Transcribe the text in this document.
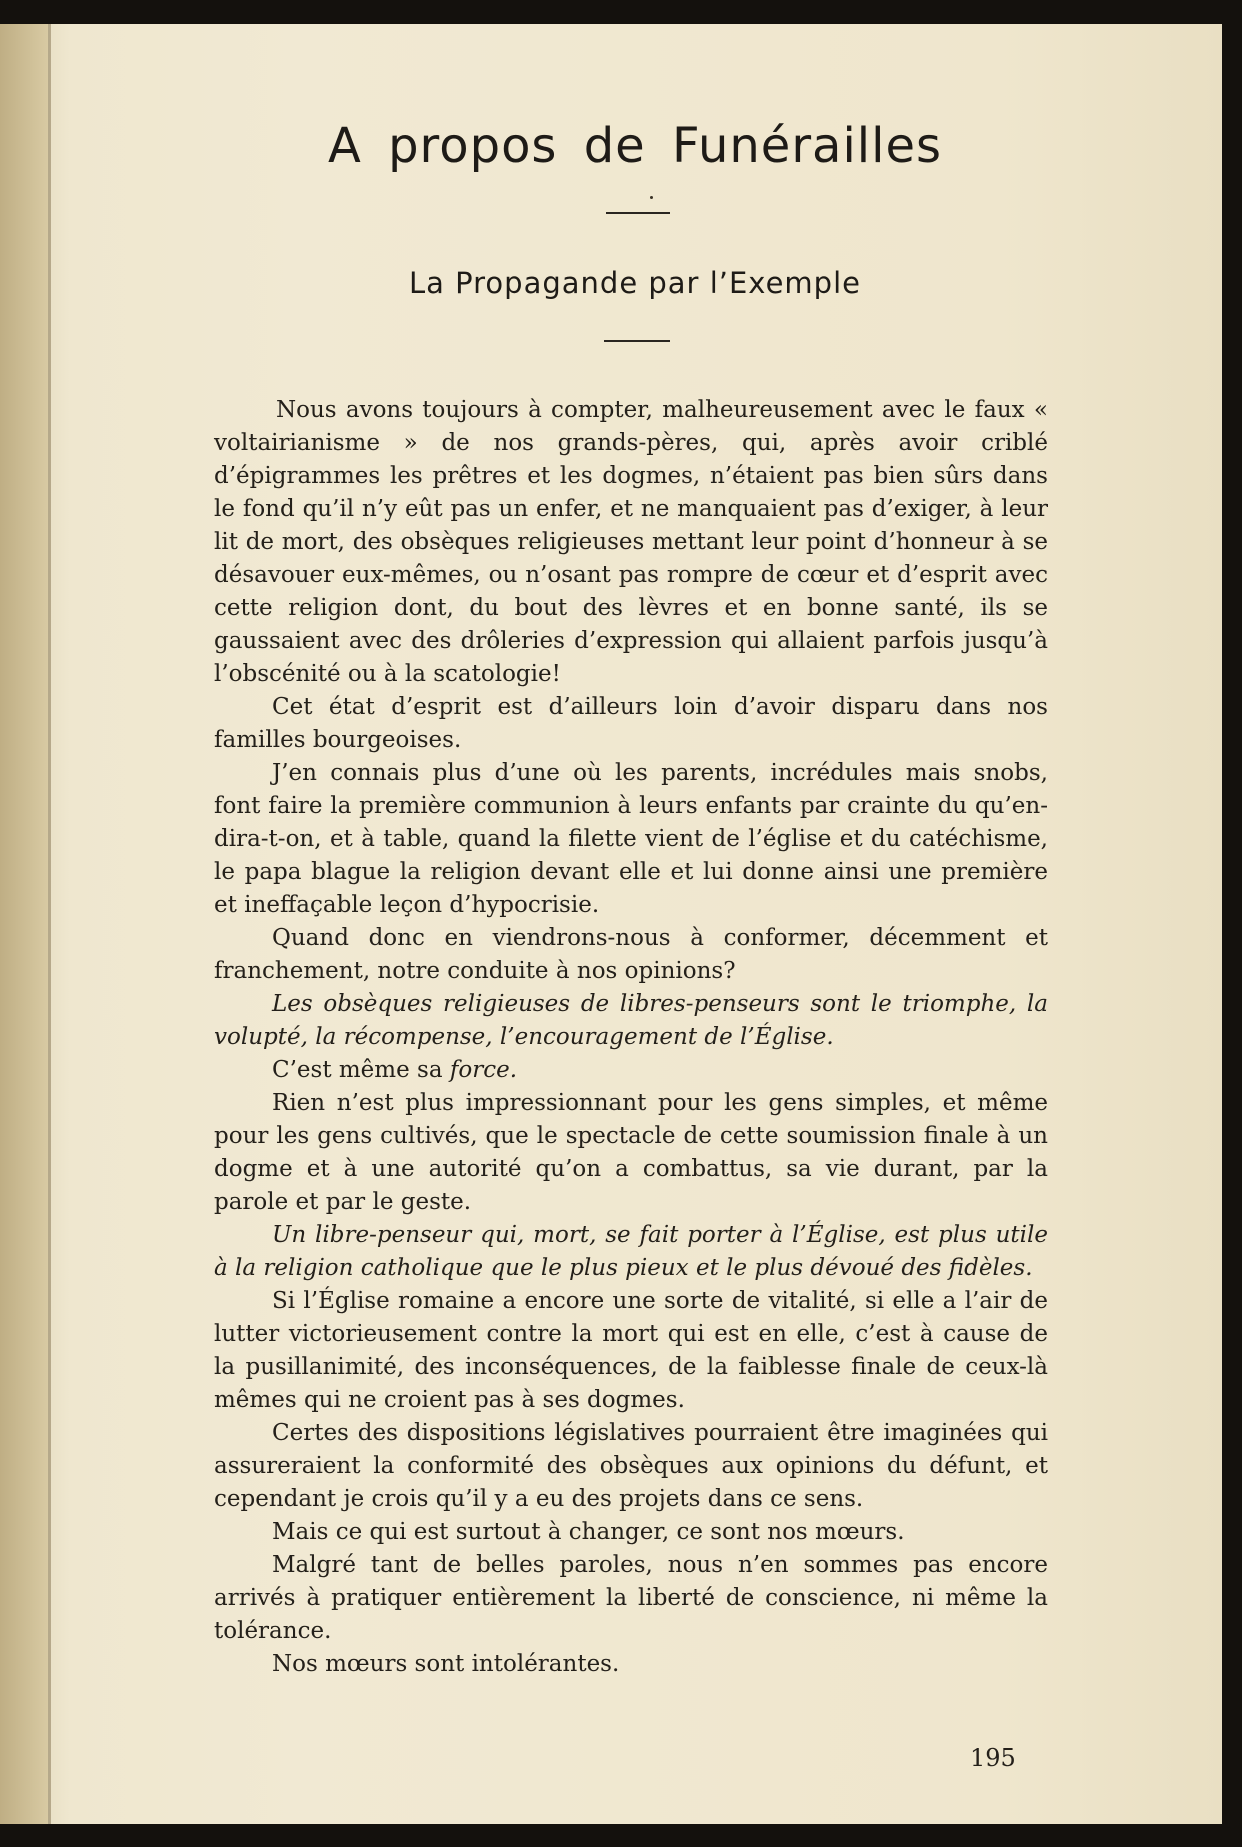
A propos de Funérailles
La Propagande par l’Exemple

Nous avons toujours à compter, malheureusement avec le faux « voltairianisme » de nos grands-pères, qui, après avoir criblé d’épigrammes les prêtres et les dogmes, n’étaient pas bien sûrs dans le fond qu’il n’y eût pas un enfer, et ne manquaient pas d’exiger, à leur lit de mort, des obsèques religieuses mettant leur point d’honneur à se désavouer eux-mêmes, ou n’osant pas rompre de cœur et d’esprit avec cette religion dont, du bout des lèvres et en bonne santé, ils se gaussaient avec des drôleries d’expression qui allaient parfois jusqu’à l’obscénité ou à la scatologie!

Cet état d’esprit est d’ailleurs loin d’avoir disparu dans nos familles bourgeoises.

J’en connais plus d’une où les parents, incrédules mais snobs, font faire la première communion à leurs enfants par crainte du qu’en-dira-t-on, et à table, quand la filette vient de l’église et du catéchisme, le papa blague la religion devant elle et lui donne ainsi une première et ineffaçable leçon d’hypocrisie.

Quand donc en viendrons-nous à conformer, décemment et franchement, notre conduite à nos opinions?

Les obsèques religieuses de libres-penseurs sont le triomphe, la volupté, la récompense, l’encouragement de l’Église.

C’est même sa force.

Rien n’est plus impressionnant pour les gens simples, et même pour les gens cultivés, que le spectacle de cette soumission finale à un dogme et à une autorité qu’on a combattus, sa vie durant, par la parole et par le geste.

Un libre-penseur qui, mort, se fait porter à l’Église, est plus utile à la religion catholique que le plus pieux et le plus dévoué des fidèles.

Si l’Église romaine a encore une sorte de vitalité, si elle a l’air de lutter victorieusement contre la mort qui est en elle, c’est à cause de la pusillanimité, des inconséquences, de la faiblesse finale de ceux-là mêmes qui ne croient pas à ses dogmes.

Certes des dispositions législatives pourraient être imaginées qui assureraient la conformité des obsèques aux opinions du défunt, et cependant je crois qu’il y a eu des projets dans ce sens.

Mais ce qui est surtout à changer, ce sont nos mœurs.

Malgré tant de belles paroles, nous n’en sommes pas encore arrivés à pratiquer entièrement la liberté de conscience, ni même la tolérance.

Nos mœurs sont intolérantes.

195
